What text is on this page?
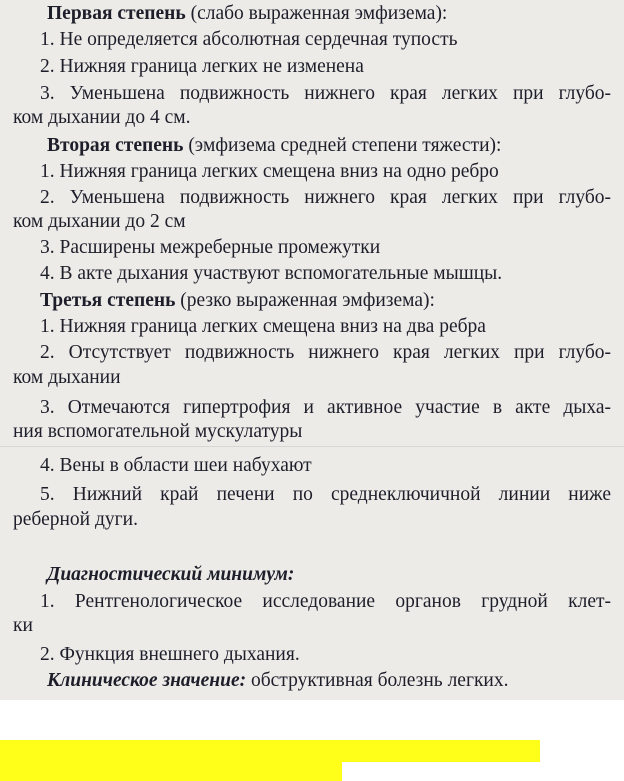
Первая степень (слабо выраженная эмфизема):
1. Не определяется абсолютная сердечная тупость
2. Нижняя граница легких не изменена
3. Уменьшена подвижность нижнего края легких при глубо-
ком дыхании до 4 см.
Вторая степень (эмфизема средней степени тяжести):
1. Нижняя граница легких смещена вниз на одно ребро
2. Уменьшена подвижность нижнего края легких при глубо-
ком дыхании до 2 см
3. Расширены межреберные промежутки
4. В акте дыхания участвуют вспомогательные мышцы.
Третья степень (резко выраженная эмфизема):
1. Нижняя граница легких смещена вниз на два ребра
2. Отсутствует подвижность нижнего края легких при глубо-
ком дыхании
3. Отмечаются гипертрофия и активное участие в акте дыха-
ния вспомогательной мускулатуры
4. Вены в области шеи набухают
5. Нижний край печени по среднеключичной линии ниже
реберной дуги.
Диагностический минимум:
1. Рентгенологическое исследование органов грудной клет-
ки
2. Функция внешнего дыхания.
Клиническое значение: обструктивная болезнь легких.
